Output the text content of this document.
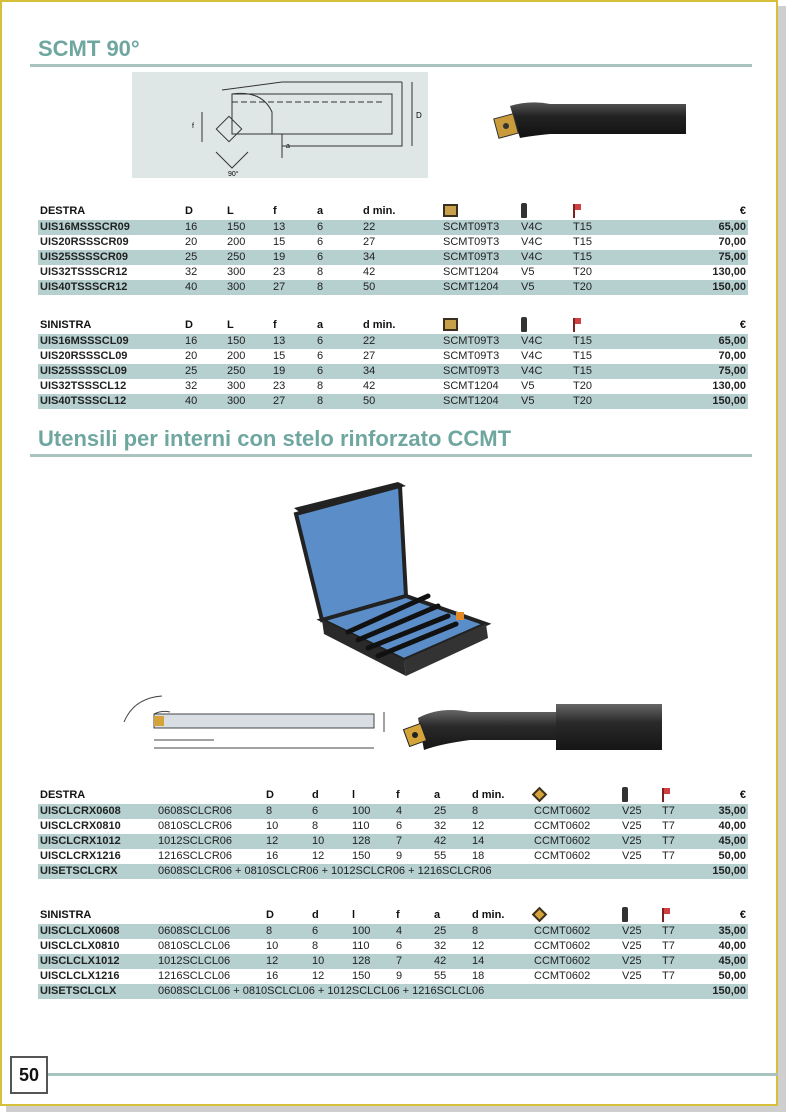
SCMT 90°
90°
D
f
a
DESTRA	D	L	f	a	d min.				€
UIS16MSSSCR09	16	150	13	6	22	SCMT09T3	V4C	T15	65,00
UIS20RSSSCR09	20	200	15	6	27	SCMT09T3	V4C	T15	70,00
UIS25SSSSCR09	25	250	19	6	34	SCMT09T3	V4C	T15	75,00
UIS32TSSSCR12	32	300	23	8	42	SCMT1204	V5	T20	130,00
UIS40TSSSCR12	40	300	27	8	50	SCMT1204	V5	T20	150,00
SINISTRA	D	L	f	a	d min.				€
UIS16MSSSCL09	16	150	13	6	22	SCMT09T3	V4C	T15	65,00
UIS20RSSSCL09	20	200	15	6	27	SCMT09T3	V4C	T15	70,00
UIS25SSSSCL09	25	250	19	6	34	SCMT09T3	V4C	T15	75,00
UIS32TSSSCL12	32	300	23	8	42	SCMT1204	V5	T20	130,00
UIS40TSSSCL12	40	300	27	8	50	SCMT1204	V5	T20	150,00
Utensili per interni con stelo rinforzato CCMT
DESTRA		D	d	l	f	a	d min.				€
UISCLCRX0608	0608SCLCR06	8	6	100	4	25	8	CCMT0602	V25	T7	35,00
UISCLCRX0810	0810SCLCR06	10	8	110	6	32	12	CCMT0602	V25	T7	40,00
UISCLCRX1012	1012SCLCR06	12	10	128	7	42	14	CCMT0602	V25	T7	45,00
UISCLCRX1216	1216SCLCR06	16	12	150	9	55	18	CCMT0602	V25	T7	50,00
UISETSCLCRX	0608SCLCR06 + 0810SCLCR06 + 1012SCLCR06 + 1216SCLCR06										150,00
SINISTRA		D	d	l	f	a	d min.				€
UISCLCLX0608	0608SCLCL06	8	6	100	4	25	8	CCMT0602	V25	T7	35,00
UISCLCLX0810	0810SCLCL06	10	8	110	6	32	12	CCMT0602	V25	T7	40,00
UISCLCLX1012	1012SCLCL06	12	10	128	7	42	14	CCMT0602	V25	T7	45,00
UISCLCLX1216	1216SCLCL06	16	12	150	9	55	18	CCMT0602	V25	T7	50,00
UISETSCLCLX	0608SCLCL06 + 0810SCLCL06 + 1012SCLCL06 + 1216SCLCL06										150,00
50
